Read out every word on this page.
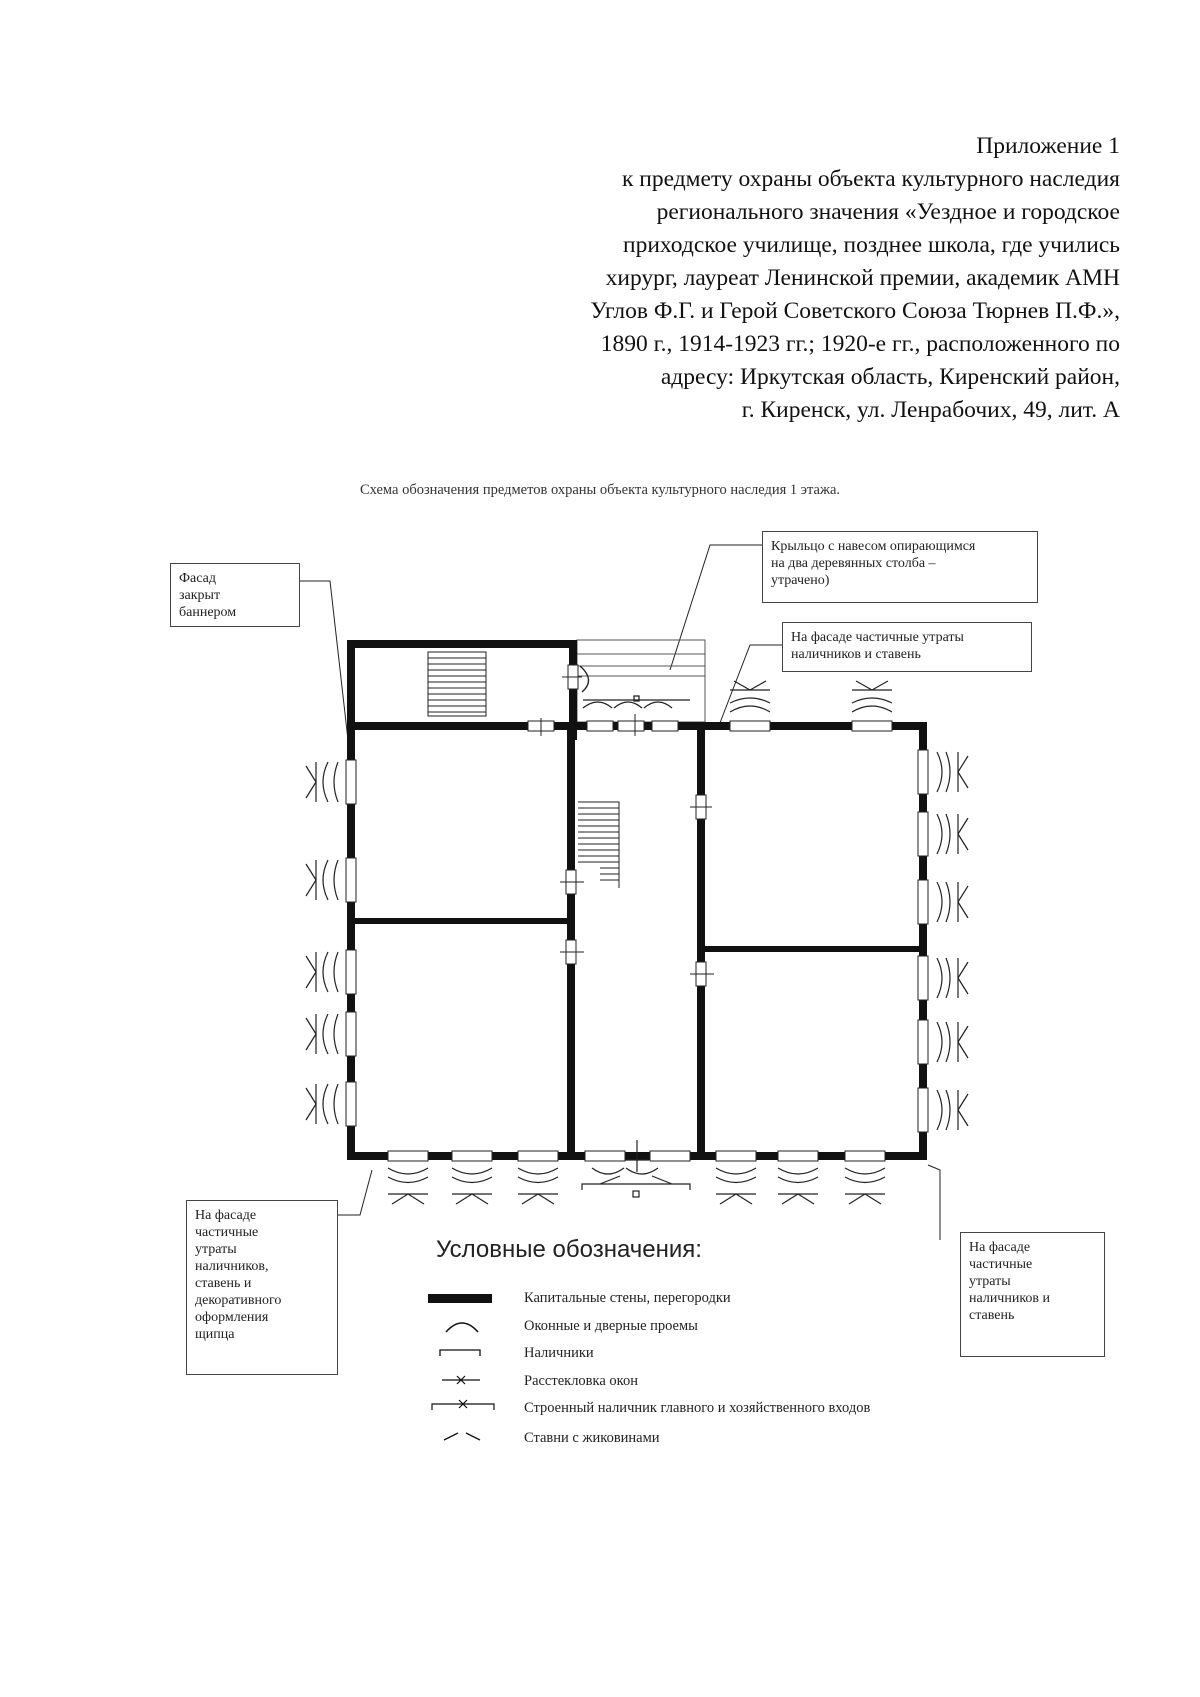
Приложение 1
к предмету охраны объекта культурного наследия
регионального значения «Уездное и городское
приходское училище, позднее школа, где учились
хирург, лауреат Ленинской премии, академик АМН
Углов Ф.Г. и Герой Советского Союза Тюрнев П.Ф.»,
1890 г., 1914-1923 гг.; 1920-е гг., расположенного по
адресу: Иркутская область, Киренский район,
г. Киренск, ул. Ленрабочих, 49, лит. А
Схема обозначения предметов охраны объекта культурного наследия 1 этажа.
Фасад
закрыт
баннером
Крыльцо с навесом опирающимся
на два деревянных столба –
утрачено)
На фасаде частичные утраты
наличников и ставень
На фасаде
частичные
утраты
наличников,
ставень и
декоративного
оформления
щипца
На фасаде
частичные
утраты
наличников и
ставень
Условные обозначения:
Капитальные стены, перегородки
Оконные и дверные проемы
Наличники
Расстекловка окон
Строенный наличник главного и хозяйственного входов
Ставни с жиковинами
